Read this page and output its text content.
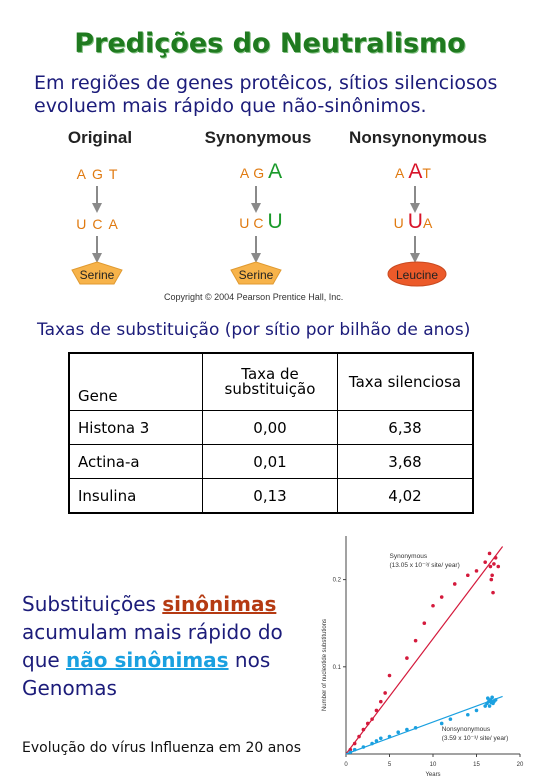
Predições do Neutralismo
Em regiões de genes protêicos, sítios silenciosos evoluem mais rápido que não-sinônimos.
Original
AGT
UCA
Synonymous
AGA
UCU
Nonsynonymous
AAT
UUA
Serine	Serine	Leucine
Copyright © 2004 Pearson Prentice Hall, Inc.
Taxas de substituição (por sítio por bilhão de anos)
Gene	Taxa de substituição	Taxa silenciosa
Histona 3	0,00	6,38
Actina-a	0,01	3,68
Insulina	0,13	4,02
Substituições sinônimas acumulam mais rápido do que não sinônimas nos Genomas
Evolução do vírus Influenza em 20 anos
0	5	10	15	20
0.1
0.2
Years
Number of nucleotide substitutions
Synonymous
(13.05 x 10⁻³/ site/ year)
Nonsynonymous
(3.59 x 10⁻³/ site/ year)
